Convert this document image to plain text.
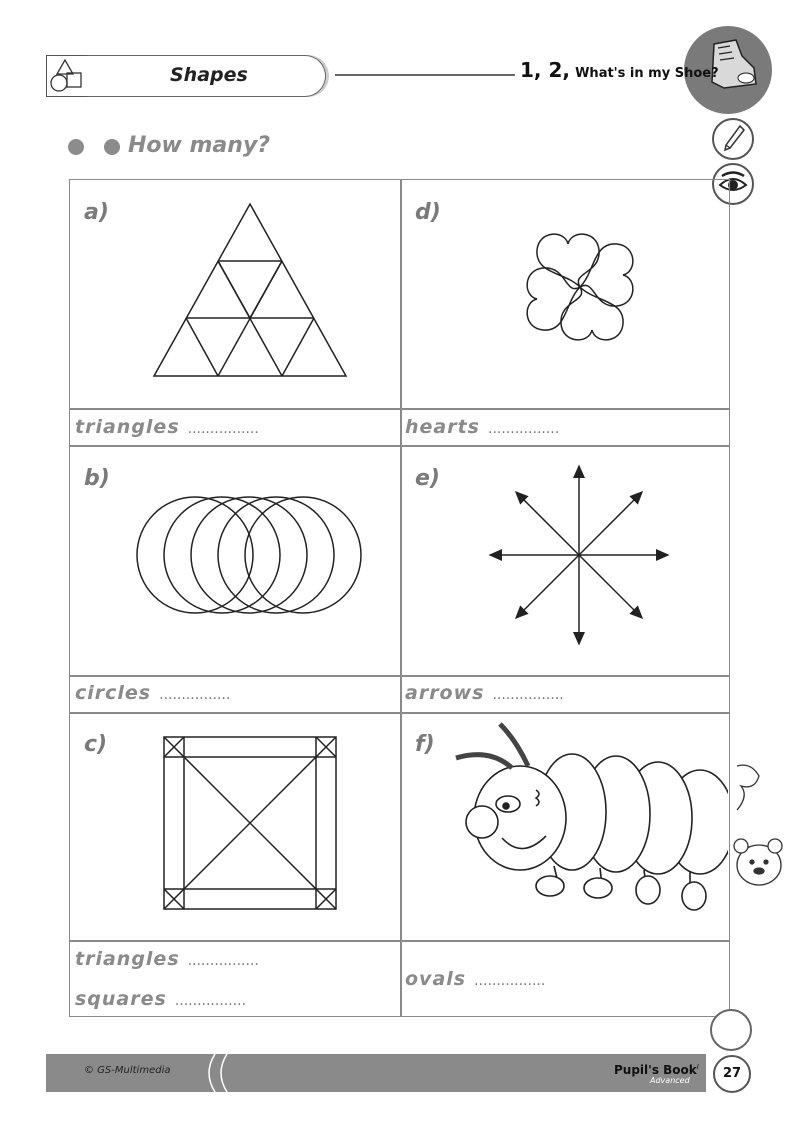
Shapes	1, 2, What's in my Shoe?
How many?
a)
triangles ................
d)
hearts ................
b)
circles ................
e)
arrows ................
c)
triangles ................
squares ................
f)
ovals ................
© GS-Multimedia	Pupil's Book$^I$
Advanced	27
